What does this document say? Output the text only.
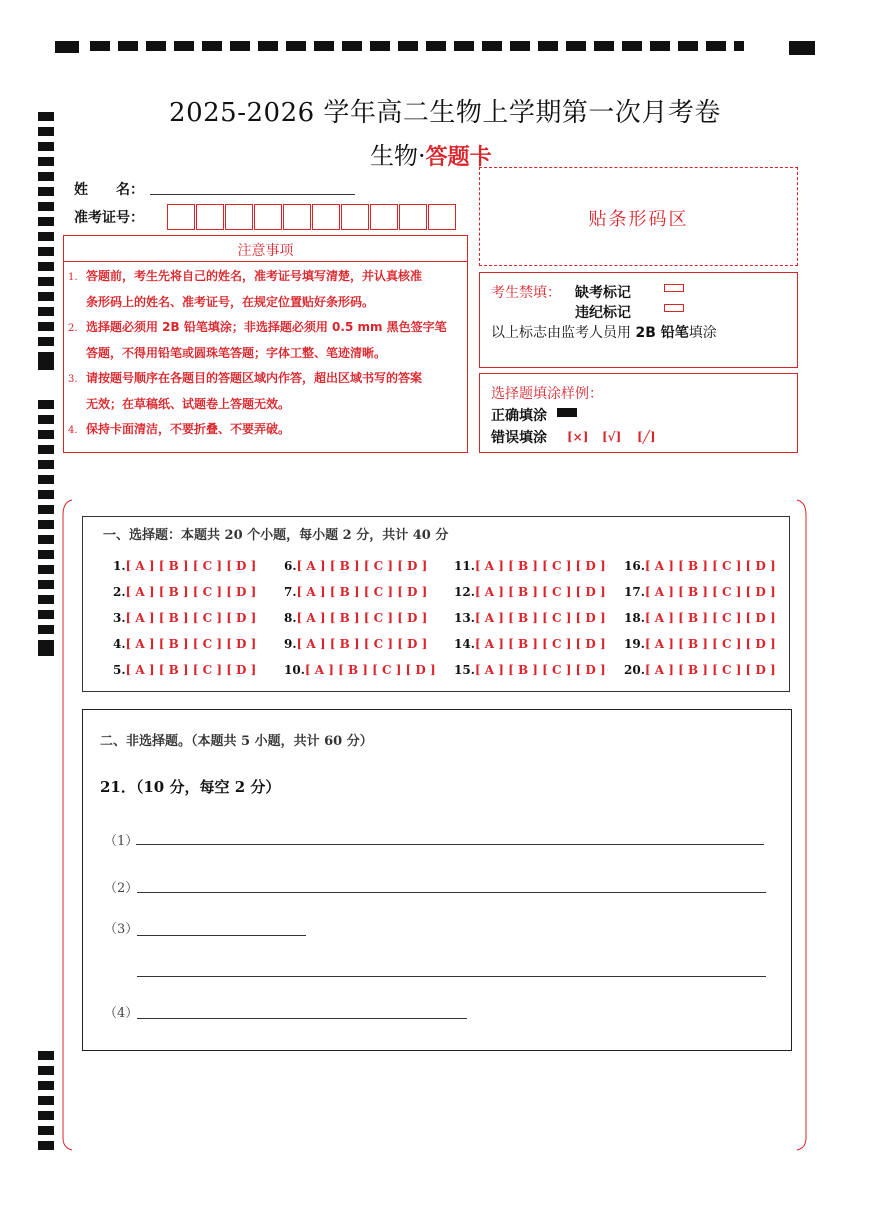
2025-2026 学年高二生物上学期第一次月考卷
生物·答题卡
姓　　名：
准考证号：
注意事项
1. 答题前，考生先将自己的姓名，准考证号填写清楚，并认真核准
条形码上的姓名、准考证号，在规定位置贴好条形码。
2. 选择题必须用 2B 铅笔填涂；非选择题必须用 0.5 mm 黑色签字笔
答题，不得用铅笔或圆珠笔答题；字体工整、笔迹清晰。
3. 请按题号顺序在各题目的答题区域内作答，超出区域书写的答案
无效；在草稿纸、试题卷上答题无效。
4. 保持卡面清洁，不要折叠、不要弄破。
贴条形码区
考生禁填： 缺考标记
违纪标记
以上标志由监考人员用 2B 铅笔填涂
选择题填涂样例：
正确填涂
错误填涂 [×] [√] [╱]
一、选择题：本题共 20 个小题，每小题 2 分，共计 40 分
1.[ A ] [ B ] [ C ] [ D ]
2.[ A ] [ B ] [ C ] [ D ]
3.[ A ] [ B ] [ C ] [ D ]
4.[ A ] [ B ] [ C ] [ D ]
5.[ A ] [ B ] [ C ] [ D ]
6.[ A ] [ B ] [ C ] [ D ]
7.[ A ] [ B ] [ C ] [ D ]
8.[ A ] [ B ] [ C ] [ D ]
9.[ A ] [ B ] [ C ] [ D ]
10.[ A ] [ B ] [ C ] [ D ]
11.[ A ] [ B ] [ C ] [ D ]
12.[ A ] [ B ] [ C ] [ D ]
13.[ A ] [ B ] [ C ] [ D ]
14.[ A ] [ B ] [ C ] [ D ]
15.[ A ] [ B ] [ C ] [ D ]
16.[ A ] [ B ] [ C ] [ D ]
17.[ A ] [ B ] [ C ] [ D ]
18.[ A ] [ B ] [ C ] [ D ]
19.[ A ] [ B ] [ C ] [ D ]
20.[ A ] [ B ] [ C ] [ D ]
二、非选择题。（本题共 5 小题，共计 60 分）
21．（10 分，每空 2 分）
（1）
（2）
（3）
（4）
